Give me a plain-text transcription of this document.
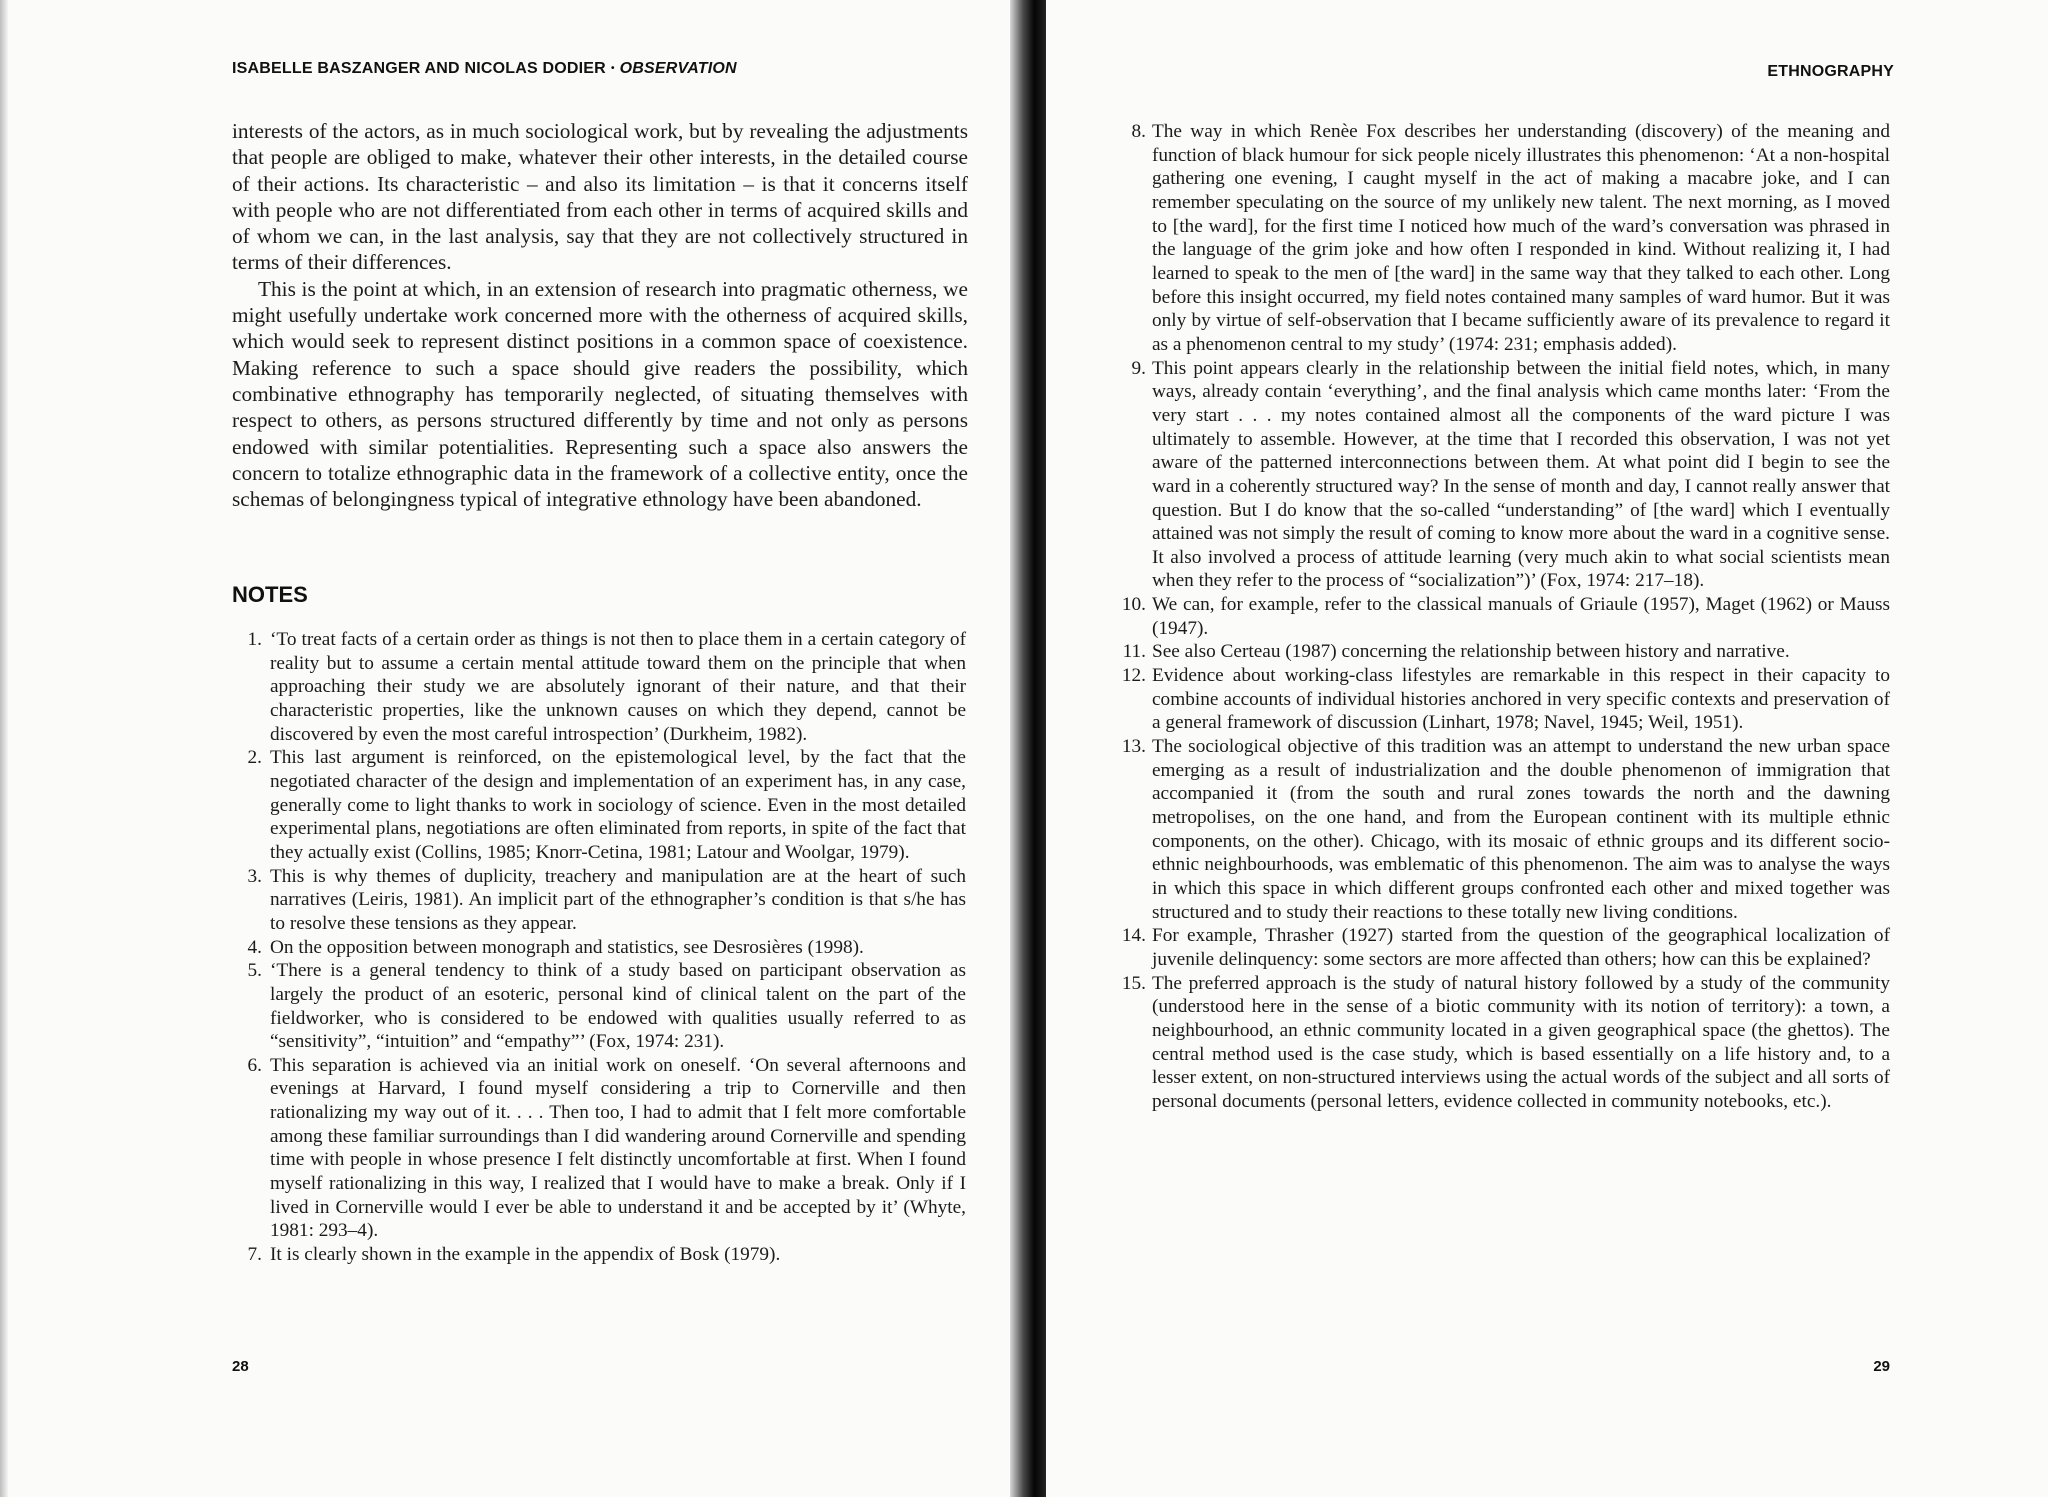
ISABELLE BASZANGER AND NICOLAS DODIER • OBSERVATION

interests of the actors, as in much sociological work, but by revealing the adjustments that people are obliged to make, whatever their other interests, in the detailed course of their actions. Its characteristic – and also its limitation – is that it concerns itself with people who are not differentiated from each other in terms of acquired skills and of whom we can, in the last analysis, say that they are not collectively structured in terms of their differences.

This is the point at which, in an extension of research into pragmatic otherness, we might usefully undertake work concerned more with the otherness of acquired skills, which would seek to represent distinct positions in a common space of coexistence. Making reference to such a space should give readers the possibility, which combinative ethnography has temporarily neglected, of situating themselves with respect to others, as persons structured differently by time and not only as persons endowed with similar potentialities. Representing such a space also answers the concern to totalize ethnographic data in the framework of a collective entity, once the schemas of belongingness typical of integrative ethnology have been abandoned.

NOTES
1. ‘To treat facts of a certain order as things is not then to place them in a certain category of reality but to assume a certain mental attitude toward them on the principle that when approaching their study we are absolutely ignorant of their nature, and that their characteristic properties, like the unknown causes on which they depend, cannot be discovered by even the most careful introspection’ (Durkheim, 1982).
2. This last argument is reinforced, on the epistemological level, by the fact that the negotiated character of the design and implementation of an experiment has, in any case, generally come to light thanks to work in sociology of science. Even in the most detailed experimental plans, negotiations are often eliminated from reports, in spite of the fact that they actually exist (Collins, 1985; Knorr-Cetina, 1981; Latour and Woolgar, 1979).
3. This is why themes of duplicity, treachery and manipulation are at the heart of such narratives (Leiris, 1981). An implicit part of the ethnographer’s condition is that s/he has to resolve these tensions as they appear.
4. On the opposition between monograph and statistics, see Desrosières (1998).
5. ‘There is a general tendency to think of a study based on participant observation as largely the product of an esoteric, personal kind of clinical talent on the part of the fieldworker, who is considered to be endowed with qualities usually referred to as “sensitivity”, “intuition” and “empathy”’ (Fox, 1974: 231).
6. This separation is achieved via an initial work on oneself. ‘On several afternoons and evenings at Harvard, I found myself considering a trip to Cornerville and then rationalizing my way out of it. . . . Then too, I had to admit that I felt more comfortable among these familiar surroundings than I did wandering around Cornerville and spending time with people in whose presence I felt distinctly uncomfortable at first. When I found myself rationalizing in this way, I realized that I would have to make a break. Only if I lived in Cornerville would I ever be able to understand it and be accepted by it’ (Whyte, 1981: 293–4).
7. It is clearly shown in the example in the appendix of Bosk (1979).
28
ETHNOGRAPHY
8. The way in which Renèe Fox describes her understanding (discovery) of the meaning and function of black humour for sick people nicely illustrates this phenomenon: ‘At a non-hospital gathering one evening, I caught myself in the act of making a macabre joke, and I can remember speculating on the source of my unlikely new talent. The next morning, as I moved to [the ward], for the first time I noticed how much of the ward’s conversation was phrased in the language of the grim joke and how often I responded in kind. Without realizing it, I had learned to speak to the men of [the ward] in the same way that they talked to each other. Long before this insight occurred, my field notes contained many samples of ward humor. But it was only by virtue of self-observation that I became sufficiently aware of its prevalence to regard it as a phenomenon central to my study’ (1974: 231; emphasis added).
9. This point appears clearly in the relationship between the initial field notes, which, in many ways, already contain ‘everything’, and the final analysis which came months later: ‘From the very start . . . my notes contained almost all the components of the ward picture I was ultimately to assemble. However, at the time that I recorded this observation, I was not yet aware of the patterned interconnections between them. At what point did I begin to see the ward in a coherently structured way? In the sense of month and day, I cannot really answer that question. But I do know that the so-called “understanding” of [the ward] which I eventually attained was not simply the result of coming to know more about the ward in a cognitive sense. It also involved a process of attitude learning (very much akin to what social scientists mean when they refer to the process of “socialization”)’ (Fox, 1974: 217–18).
10. We can, for example, refer to the classical manuals of Griaule (1957), Maget (1962) or Mauss (1947).
11. See also Certeau (1987) concerning the relationship between history and narrative.
12. Evidence about working-class lifestyles are remarkable in this respect in their capacity to combine accounts of individual histories anchored in very specific contexts and preservation of a general framework of discussion (Linhart, 1978; Navel, 1945; Weil, 1951).
13. The sociological objective of this tradition was an attempt to understand the new urban space emerging as a result of industrialization and the double phenomenon of immigration that accompanied it (from the south and rural zones towards the north and the dawning metropolises, on the one hand, and from the European continent with its multiple ethnic components, on the other). Chicago, with its mosaic of ethnic groups and its different socio-ethnic neighbourhoods, was emblematic of this phenomenon. The aim was to analyse the ways in which this space in which different groups confronted each other and mixed together was structured and to study their reactions to these totally new living conditions.
14. For example, Thrasher (1927) started from the question of the geographical localization of juvenile delinquency: some sectors are more affected than others; how can this be explained?
15. The preferred approach is the study of natural history followed by a study of the community (understood here in the sense of a biotic community with its notion of territory): a town, a neighbourhood, an ethnic community located in a given geographical space (the ghettos). The central method used is the case study, which is based essentially on a life history and, to a lesser extent, on non-structured interviews using the actual words of the subject and all sorts of personal documents (personal letters, evidence collected in community notebooks, etc.).
29
